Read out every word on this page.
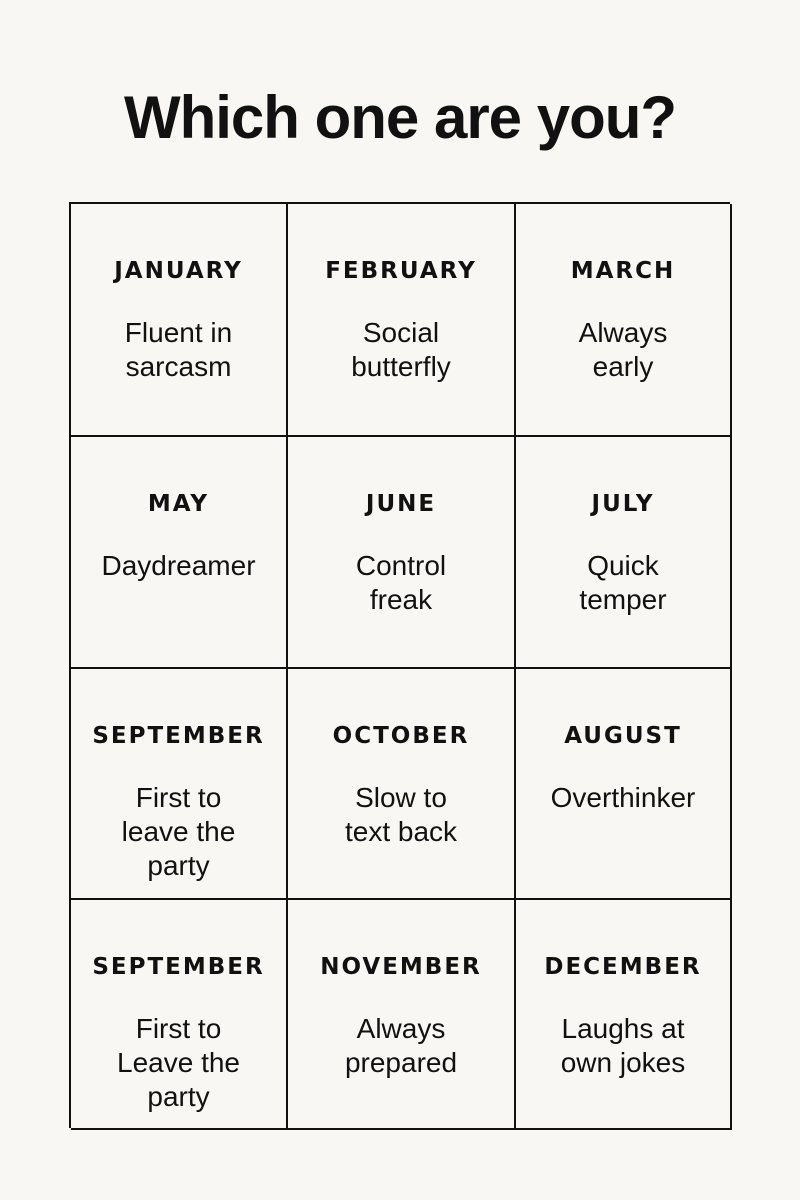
Which one are you?
JANUARY
Fluent in
sarcasm
FEBRUARY
Social
butterfly
MARCH
Always
early
MAY
Daydreamer
JUNE
Control
freak
JULY
Quick
temper
SEPTEMBER
First to
leave the
party
OCTOBER
Slow to
text back
AUGUST
Overthinker
SEPTEMBER
First to
Leave the
party
NOVEMBER
Always
prepared
DECEMBER
Laughs at
own jokes
